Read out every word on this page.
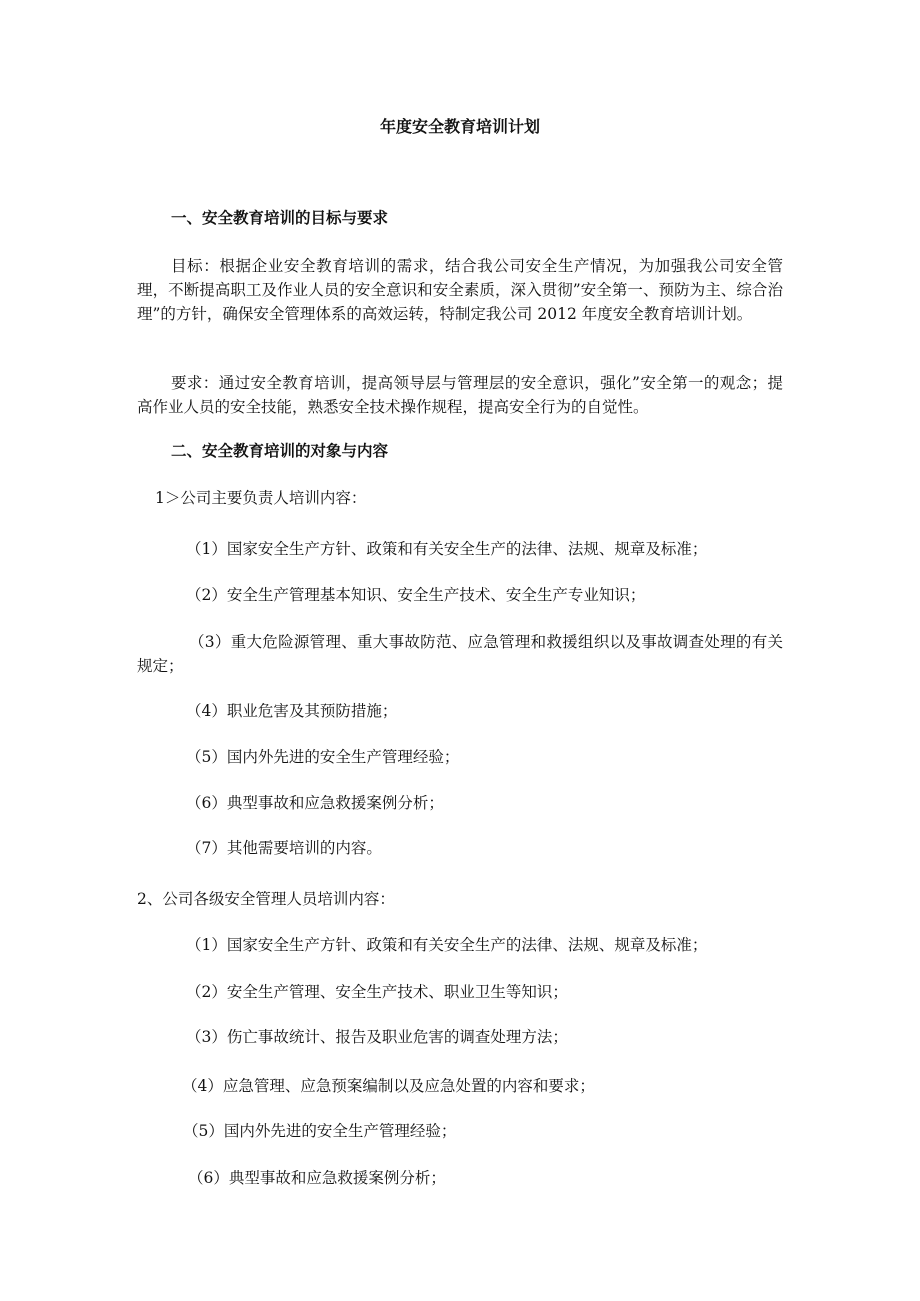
年度安全教育培训计划
一、安全教育培训的目标与要求
目标：根据企业安全教育培训的需求，结合我公司安全生产情况，为加强我公司安全管理，不断提高职工及作业人员的安全意识和安全素质，深入贯彻”安全第一、预防为主、综合治理”的方针，确保安全管理体系的高效运转，特制定我公司 2012 年度安全教育培训计划。
要求：通过安全教育培训，提高领导层与管理层的安全意识，强化”安全第一的观念；提高作业人员的安全技能，熟悉安全技术操作规程，提高安全行为的自觉性。
二、安全教育培训的对象与内容
1＞公司主要负责人培训内容：
（1）国家安全生产方针、政策和有关安全生产的法律、法规、规章及标准；
（2）安全生产管理基本知识、安全生产技术、安全生产专业知识；
（3）重大危险源管理、重大事故防范、应急管理和救援组织以及事故调查处理的有关规定；
（4）职业危害及其预防措施；
（5）国内外先进的安全生产管理经验；
（6）典型事故和应急救援案例分析；
（7）其他需要培训的内容。
2、公司各级安全管理人员培训内容：
（1）国家安全生产方针、政策和有关安全生产的法律、法规、规章及标准；
（2）安全生产管理、安全生产技术、职业卫生等知识；
（3）伤亡事故统计、报告及职业危害的调查处理方法；
（4）应急管理、应急预案编制以及应急处置的内容和要求；
（5）国内外先进的安全生产管理经验；
（6）典型事故和应急救援案例分析；
